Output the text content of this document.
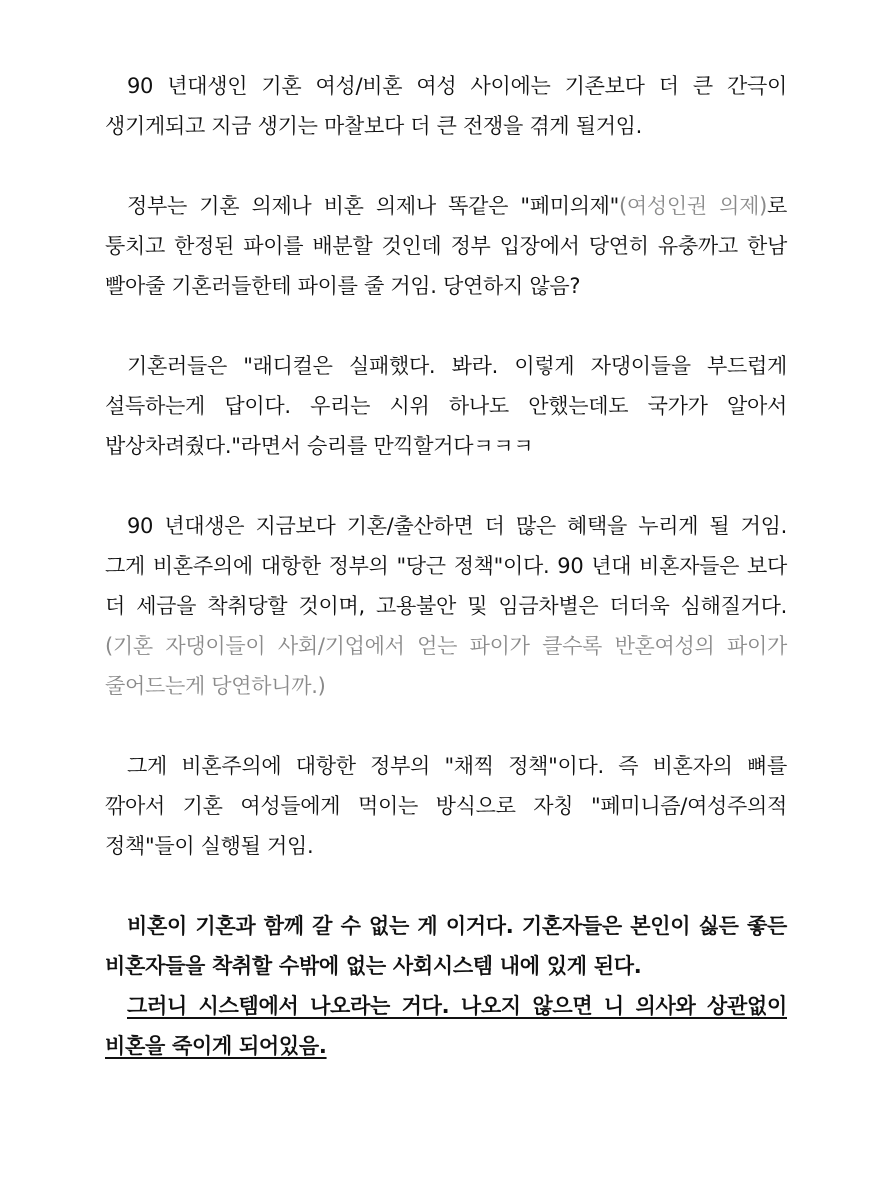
90 년대생인 기혼 여성/비혼 여성 사이에는 기존보다 더 큰 간극이 생기게되고 지금 생기는 마찰보다 더 큰 전쟁을 겪게 될거임.

정부는 기혼 의제나 비혼 의제나 똑같은 "페미의제"(여성인권 의제)로 퉁치고 한정된 파이를 배분할 것인데 정부 입장에서 당연히 유충까고 한남 빨아줄 기혼러들한테 파이를 줄 거임. 당연하지 않음?

기혼러들은 "래디컬은 실패했다. 봐라. 이렇게 자댕이들을 부드럽게 설득하는게 답이다. 우리는 시위 하나도 안했는데도 국가가 알아서 밥상차려줬다."라면서 승리를 만끽할거다ㅋㅋㅋ

90 년대생은 지금보다 기혼/출산하면 더 많은 혜택을 누리게 될 거임. 그게 비혼주의에 대항한 정부의 "당근 정책"이다. 90 년대 비혼자들은 보다 더 세금을 착취당할 것이며, 고용불안 및 임금차별은 더더욱 심해질거다. (기혼 자댕이들이 사회/기업에서 얻는 파이가 클수록 반혼여성의 파이가 줄어드는게 당연하니까.)

그게 비혼주의에 대항한 정부의 "채찍 정책"이다. 즉 비혼자의 뼈를 깎아서 기혼 여성들에게 먹이는 방식으로 자칭 "페미니즘/여성주의적 정책"들이 실행될 거임.

비혼이 기혼과 함께 갈 수 없는 게 이거다. 기혼자들은 본인이 싫든 좋든 비혼자들을 착취할 수밖에 없는 사회시스템 내에 있게 된다.

그러니 시스템에서 나오라는 거다. 나오지 않으면 니 의사와 상관없이 비혼을 죽이게 되어있음.
